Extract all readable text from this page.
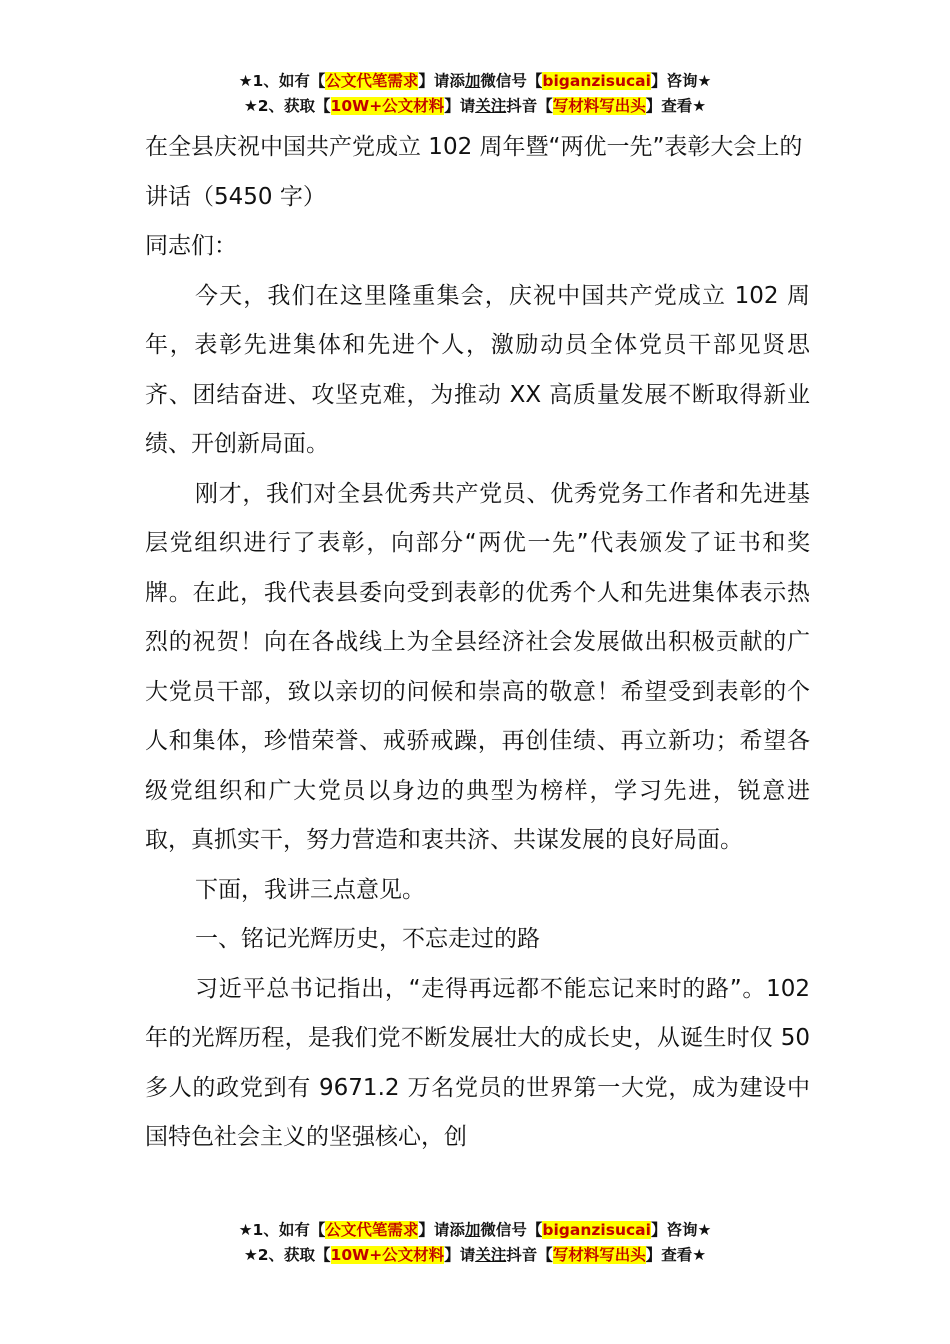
★1、如有【公文代笔需求】请添加微信号【biganzisucai】咨询★
★2、获取【10W+公文材料】请关注抖音【写材料写出头】查看★
在全县庆祝中国共产党成立 102 周年暨“两优一先”表彰大会上的讲话（5450 字）

同志们：

今天，我们在这里隆重集会，庆祝中国共产党成立 102 周年，表彰先进集体和先进个人，激励动员全体党员干部见贤思齐、团结奋进、攻坚克难，为推动 XX 高质量发展不断取得新业绩、开创新局面。

刚才，我们对全县优秀共产党员、优秀党务工作者和先进基层党组织进行了表彰，向部分“两优一先”代表颁发了证书和奖牌。在此，我代表县委向受到表彰的优秀个人和先进集体表示热烈的祝贺！向在各战线上为全县经济社会发展做出积极贡献的广大党员干部，致以亲切的问候和崇高的敬意！希望受到表彰的个人和集体，珍惜荣誉、戒骄戒躁，再创佳绩、再立新功；希望各级党组织和广大党员以身边的典型为榜样，学习先进，锐意进取，真抓实干，努力营造和衷共济、共谋发展的良好局面。

下面，我讲三点意见。

一、铭记光辉历史，不忘走过的路

习近平总书记指出，“走得再远都不能忘记来时的路”。102 年的光辉历程，是我们党不断发展壮大的成长史，从诞生时仅 50 多人的政党到有 9671.2 万名党员的世界第一大党，成为建设中国特色社会主义的坚强核心，创

★1、如有【公文代笔需求】请添加微信号【biganzisucai】咨询★
★2、获取【10W+公文材料】请关注抖音【写材料写出头】查看★
